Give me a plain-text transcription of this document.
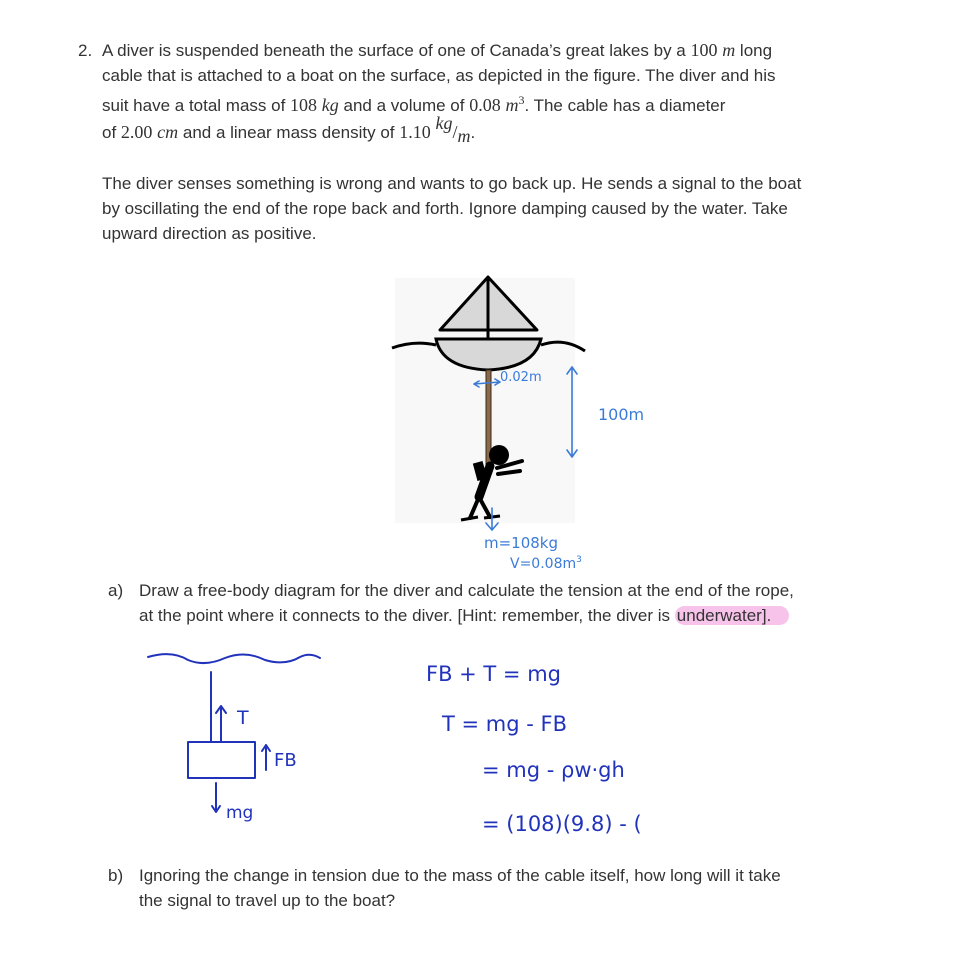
2. A diver is suspended beneath the surface of one of Canada’s great lakes by a 100 m long
cable that is attached to a boat on the surface, as depicted in the figure. The diver and his
suit have a total mass of 108 kg and a volume of 0.08 $m^3$. The cable has a diameter
of 2.00 cm and a linear mass density of 1.10 kg/m.
The diver senses something is wrong and wants to go back up. He sends a signal to the boat
by oscillating the end of the rope back and forth. Ignore damping caused by the water. Take
upward direction as positive.
0.02m
100m
m=108kg
$V=0.08m^3$
a) Draw a free-body diagram for the diver and calculate the tension at the end of the rope,
at the point where it connects to the diver. [Hint: remember, the diver is underwater].
T
FB
mg
FB + T = mg
T = mg - FB
= mg - ρw·gh
= (108)(9.8) - (
b) Ignoring the change in tension due to the mass of the cable itself, how long will it take
the signal to travel up to the boat?
